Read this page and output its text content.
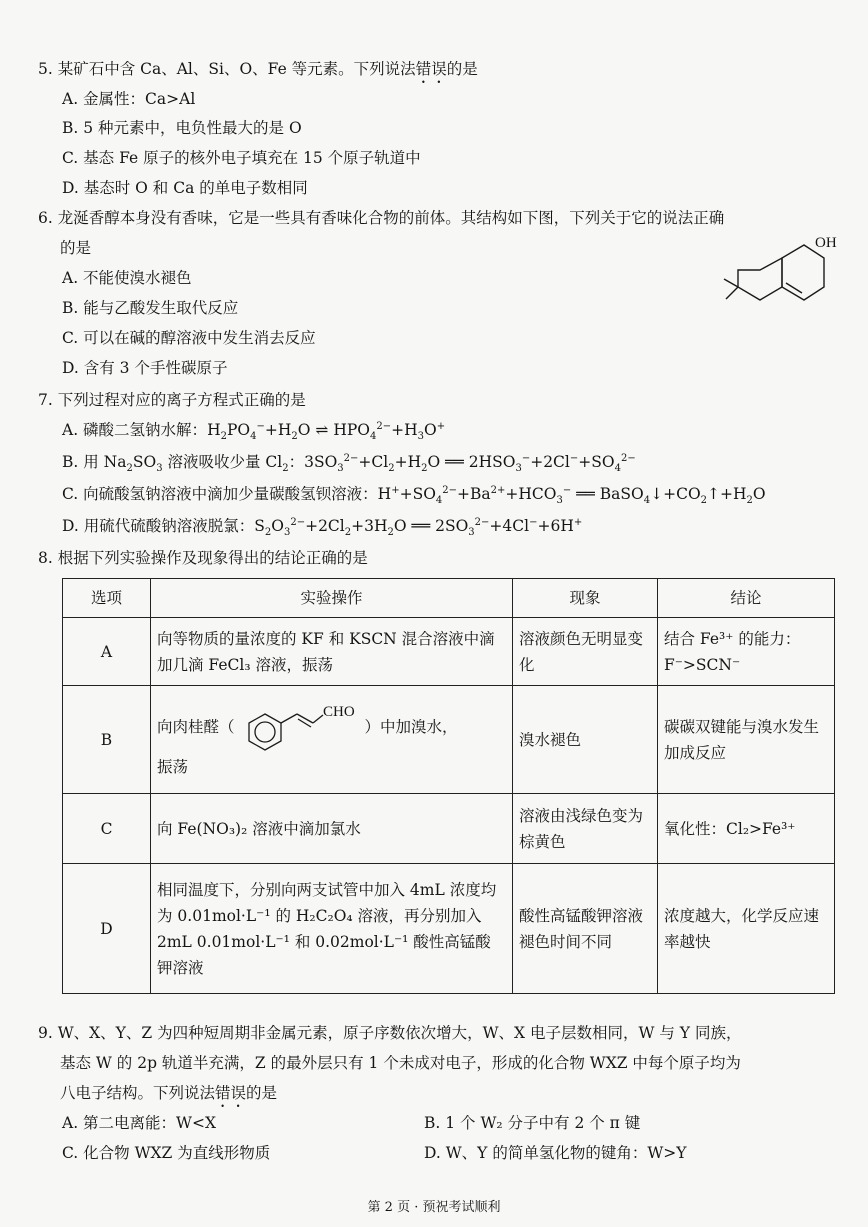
5. 某矿石中含 Ca、Al、Si、O、Fe 等元素。下列说法错误的是
A. 金属性：Ca>Al
B. 5 种元素中，电负性最大的是 O
C. 基态 Fe 原子的核外电子填充在 15 个原子轨道中
D. 基态时 O 和 Ca 的单电子数相同
6. 龙涎香醇本身没有香味，它是一些具有香味化合物的前体。其结构如下图，下列关于它的说法正确
的是
A. 不能使溴水褪色
B. 能与乙酸发生取代反应
C. 可以在碱的醇溶液中发生消去反应
D. 含有 3 个手性碳原子
OH
7. 下列过程对应的离子方程式正确的是
A. 磷酸二氢钠水解：$H_2PO_4^-+H_2O$ ⇌ $HPO_4^{2-}+H_3O^+$
B. 用 $Na_2SO_3$ 溶液吸收少量 $Cl_2$：$3SO_3^{2-}+Cl_2+H_2O$ ══ $2HSO_3^-+2Cl^-+SO_4^{2-}$
C. 向硫酸氢钠溶液中滴加少量碳酸氢钡溶液：$H^++SO_4^{2-}+Ba^{2+}+HCO_3^-$ ══ $BaSO_4↓+CO_2↑+H_2O$
D. 用硫代硫酸钠溶液脱氯：$S_2O_3^{2-}+2Cl_2+3H_2O$ ══ $2SO_3^{2-}+4Cl^-+6H^+$
8. 根据下列实验操作及现象得出的结论正确的是
选项	实验操作	现象	结论
A	向等物质的量浓度的 KF 和 KSCN 混合溶液中滴加几滴 FeCl₃ 溶液，振荡	溶液颜色无明显变化	结合 Fe³⁺ 的能力：F⁻>SCN⁻
B	向肉桂醛（
CHO
）中加溴水，
振荡	溴水褪色	碳碳双键能与溴水发生加成反应
C	向 Fe(NO₃)₂ 溶液中滴加氯水	溶液由浅绿色变为棕黄色	氧化性：Cl₂>Fe³⁺
D	相同温度下，分别向两支试管中加入 4mL 浓度均为 0.01mol·L⁻¹ 的 H₂C₂O₄ 溶液，再分别加入 2mL 0.01mol·L⁻¹ 和 0.02mol·L⁻¹ 酸性高锰酸钾溶液	酸性高锰酸钾溶液褪色时间不同	浓度越大，化学反应速率越快
9. W、X、Y、Z 为四种短周期非金属元素，原子序数依次增大，W、X 电子层数相同，W 与 Y 同族，
基态 W 的 2p 轨道半充满，Z 的最外层只有 1 个未成对电子，形成的化合物 WXZ 中每个原子均为
八电子结构。下列说法错误的是
A. 第二电离能：W<X	B. 1 个 W₂ 分子中有 2 个 π 键
C. 化合物 WXZ 为直线形物质	D. W、Y 的简单氢化物的键角：W>Y
第 2 页 · 预祝考试顺利
